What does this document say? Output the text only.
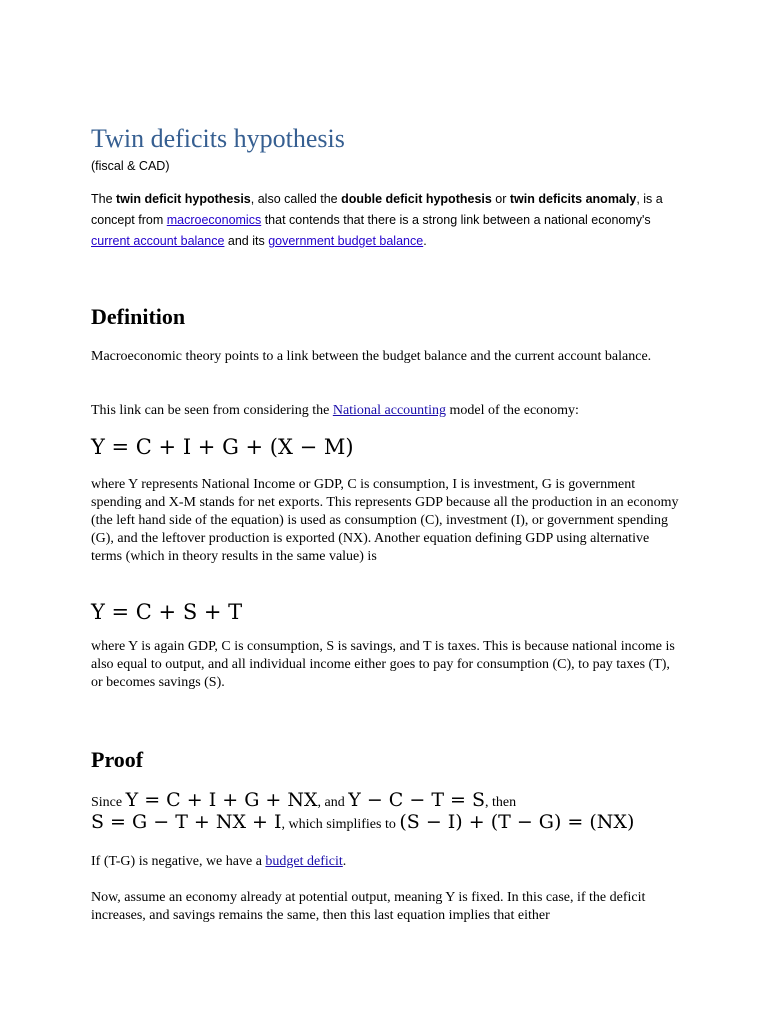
Twin deficits hypothesis
(fiscal & CAD)
The twin deficit hypothesis, also called the double deficit hypothesis or twin deficits anomaly, is a concept from macroeconomics that contends that there is a strong link between a national economy's current account balance and its government budget balance.
Definition
Macroeconomic theory points to a link between the budget balance and the current account balance.
This link can be seen from considering the National accounting model of the economy:
Y = C + I + G + (X − M)
where Y represents National Income or GDP, C is consumption, I is investment, G is government spending and X-M stands for net exports. This represents GDP because all the production in an economy (the left hand side of the equation) is used as consumption (C), investment (I), or government spending (G), and the leftover production is exported (NX). Another equation defining GDP using alternative terms (which in theory results in the same value) is
Y = C + S + T
where Y is again GDP, C is consumption, S is savings, and T is taxes. This is because national income is also equal to output, and all individual income either goes to pay for consumption (C), to pay taxes (T), or becomes savings (S).
Proof
Since Y = C + I + G + NX, and Y − C − T = S, then
S = G − T + NX + I, which simplifies to (S − I) + (T − G) = (NX)
If (T-G) is negative, we have a budget deficit.
Now, assume an economy already at potential output, meaning Y is fixed. In this case, if the deficit increases, and savings remains the same, then this last equation implies that either
